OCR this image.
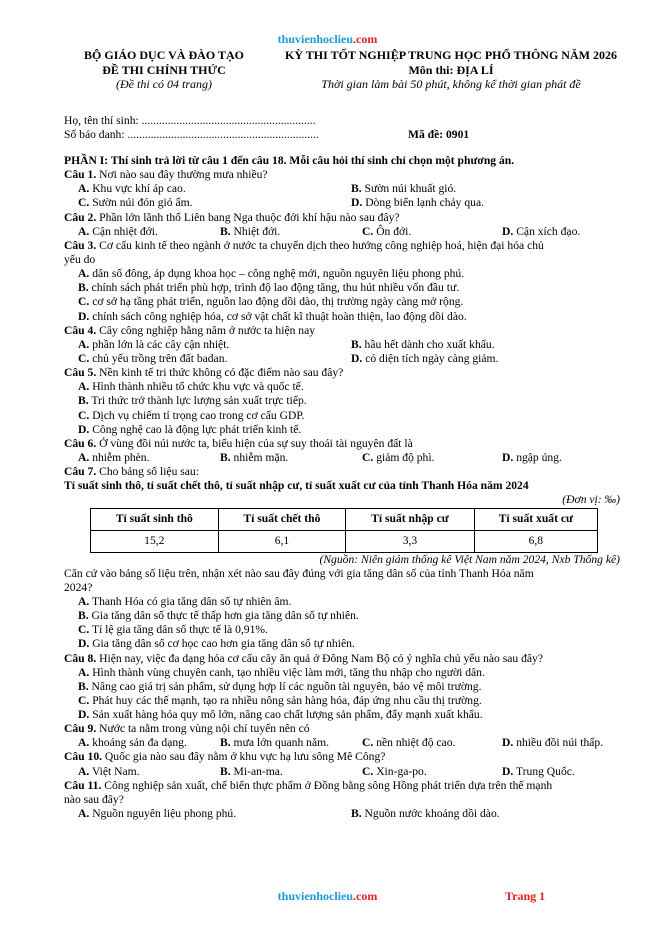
thuvienhoclieu.com
BỘ GIÁO DỤC VÀ ĐÀO TẠO
ĐỀ THI CHÍNH THỨC
(Đề thi có 04 trang)
KỲ THI TỐT NGHIỆP TRUNG HỌC PHỔ THÔNG NĂM 2026
Môn thi: ĐỊA LÍ
Thời gian làm bài 50 phút, không kể thời gian phát đề
Họ, tên thí sinh: ............................................................
Số báo danh: ..................................................................	Mã đề: 0901
PHẦN I: Thí sinh trả lời từ câu 1 đến câu 18. Mỗi câu hỏi thí sinh chỉ chọn một phương án.
Câu 1. Nơi nào sau đây thường mưa nhiều?
A. Khu vực khí áp cao.	B. Sườn núi khuất gió.
C. Sườn núi đón gió ẩm.	D. Dòng biển lạnh chảy qua.
Câu 2. Phần lớn lãnh thổ Liên bang Nga thuộc đới khí hậu nào sau đây?
A. Cận nhiệt đới.	B. Nhiệt đới.	C. Ôn đới.	D. Cận xích đạo.
Câu 3. Cơ cấu kinh tế theo ngành ở nước ta chuyển dịch theo hướng công nghiệp hoá, hiện đại hóa chủ
yếu do
A. dân số đông, áp dụng khoa học – công nghệ mới, nguồn nguyên liệu phong phú.
B. chính sách phát triển phù hợp, trình độ lao động tăng, thu hút nhiều vốn đầu tư.
C. cơ sở hạ tầng phát triển, nguồn lao động dồi dào, thị trường ngày càng mở rộng.
D. chính sách công nghiệp hóa, cơ sở vật chất kĩ thuật hoàn thiện, lao động dồi dào.
Câu 4. Cây công nghiệp hằng năm ở nước ta hiện nay
A. phần lớn là các cây cận nhiệt.	B. hầu hết dành cho xuất khẩu.
C. chủ yếu trồng trên đất badan.	D. có diện tích ngày càng giảm.
Câu 5. Nền kinh tế tri thức không có đặc điểm nào sau đây?
A. Hình thành nhiều tổ chức khu vực và quốc tế.
B. Tri thức trở thành lực lượng sản xuất trực tiếp.
C. Dịch vụ chiếm tỉ trọng cao trong cơ cấu GDP.
D. Công nghệ cao là động lực phát triển kinh tế.
Câu 6. Ở vùng đồi núi nước ta, biểu hiện của sự suy thoái tài nguyên đất là
A. nhiễm phèn.	B. nhiễm mặn.	C. giảm độ phì.	D. ngập úng.
Câu 7. Cho bảng số liệu sau:
Tỉ suất sinh thô, tỉ suất chết thô, tỉ suất nhập cư, tỉ suất xuất cư của tỉnh Thanh Hóa năm 2024
(Đơn vị: ‰)
Tỉ suất sinh thô	Tỉ suất chết thô	Tỉ suất nhập cư	Tỉ suất xuất cư
15,2	6,1	3,3	6,8
(Nguồn: Niên giám thống kê Việt Nam năm 2024, Nxb Thống kê)
Căn cứ vào bảng số liệu trên, nhận xét nào sau đây đúng với gia tăng dân số của tỉnh Thanh Hóa năm
2024?
A. Thanh Hóa có gia tăng dân số tự nhiên âm.
B. Gia tăng dân số thực tế thấp hơn gia tăng dân số tự nhiên.
C. Tỉ lệ gia tăng dân số thực tế là 0,91%.
D. Gia tăng dân số cơ học cao hơn gia tăng dân số tự nhiên.
Câu 8. Hiện nay, việc đa dạng hóa cơ cấu cây ăn quả ở Đông Nam Bộ có ý nghĩa chủ yếu nào sau đây?
A. Hình thành vùng chuyên canh, tạo nhiều việc làm mới, tăng thu nhập cho người dân.
B. Nâng cao giá trị sản phẩm, sử dụng hợp lí các nguồn tài nguyên, bảo vệ môi trường.
C. Phát huy các thế mạnh, tạo ra nhiều nông sản hàng hóa, đáp ứng nhu cầu thị trường.
D. Sản xuất hàng hóa quy mô lớn, nâng cao chất lượng sản phẩm, đẩy mạnh xuất khẩu.
Câu 9. Nước ta nằm trong vùng nội chí tuyến nên có
A. khoáng sản đa dạng.	B. mưa lớn quanh năm.	C. nền nhiệt độ cao.	D. nhiều đồi núi thấp.
Câu 10. Quốc gia nào sau đây nằm ở khu vực hạ lưu sông Mê Công?
A. Việt Nam.	B. Mi-an-ma.	C. Xin-ga-po.	D. Trung Quốc.
Câu 11. Công nghiệp sản xuất, chế biến thực phẩm ở Đồng bằng sông Hồng phát triển dựa trên thế mạnh
nào sau đây?
A. Nguồn nguyên liệu phong phú.	B. Nguồn nước khoáng dồi dào.
thuvienhoclieu.com	Trang 1
